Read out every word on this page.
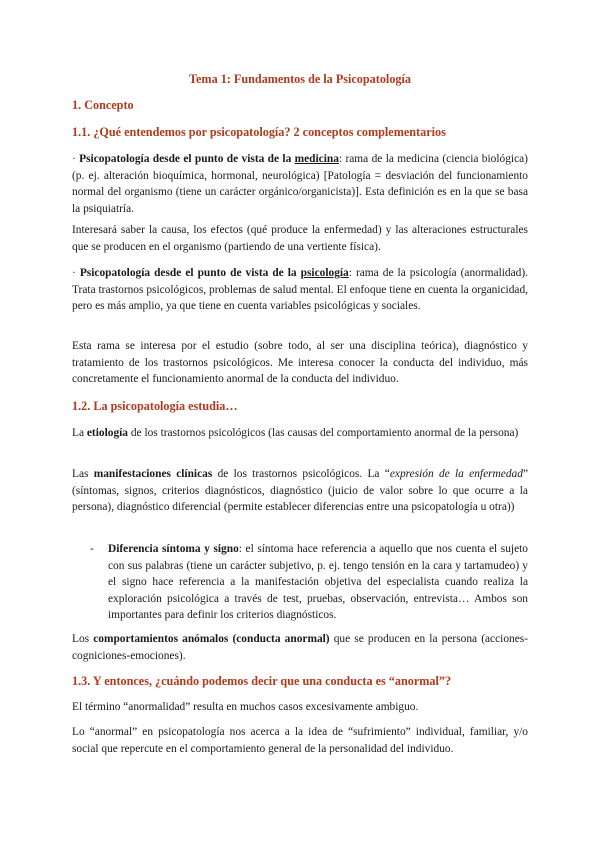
Tema 1: Fundamentos de la Psicopatología
1. Concepto
1.1. ¿Qué entendemos por psicopatología? 2 conceptos complementarios
· Psicopatología desde el punto de vista de la medicina: rama de la medicina (ciencia biológica) (p. ej. alteración bioquímica, hormonal, neurológica) [Patología = desviación del funcionamiento normal del organismo (tiene un carácter orgánico/organicista)]. Esta definición es en la que se basa la psiquiatría.
Interesará saber la causa, los efectos (qué produce la enfermedad) y las alteraciones estructurales que se producen en el organismo (partiendo de una vertiente física).
· Psicopatología desde el punto de vista de la psicología: rama de la psicología (anormalidad). Trata trastornos psicológicos, problemas de salud mental. El enfoque tiene en cuenta la organicidad, pero es más amplio, ya que tiene en cuenta variables psicológicas y sociales.
Esta rama se interesa por el estudio (sobre todo, al ser una disciplina teórica), diagnóstico y tratamiento de los trastornos psicológicos. Me interesa conocer la conducta del individuo, más concretamente el funcionamiento anormal de la conducta del individuo.
1.2. La psicopatología estudia…
La etiología de los trastornos psicológicos (las causas del comportamiento anormal de la persona)
Las manifestaciones clínicas de los trastornos psicológicos. La “expresión de la enfermedad” (síntomas, signos, criterios diagnósticos, diagnóstico (juicio de valor sobre lo que ocurre a la persona), diagnóstico diferencial (permite establecer diferencias entre una psicopatología u otra))
- Diferencia síntoma y signo: el síntoma hace referencia a aquello que nos cuenta el sujeto con sus palabras (tiene un carácter subjetivo, p. ej. tengo tensión en la cara y tartamudeo) y el signo hace referencia a la manifestación objetiva del especialista cuando realiza la exploración psicológica a través de test, pruebas, observación, entrevista… Ambos son importantes para definir los criterios diagnósticos.
Los comportamientos anómalos (conducta anormal) que se producen en la persona (acciones-cogniciones-emociones).
1.3. Y entonces, ¿cuándo podemos decir que una conducta es “anormal”?
El término “anormalidad” resulta en muchos casos excesivamente ambiguo.
Lo “anormal” en psicopatología nos acerca a la idea de “sufrimiento” individual, familiar, y/o social que repercute en el comportamiento general de la personalidad del individuo.
